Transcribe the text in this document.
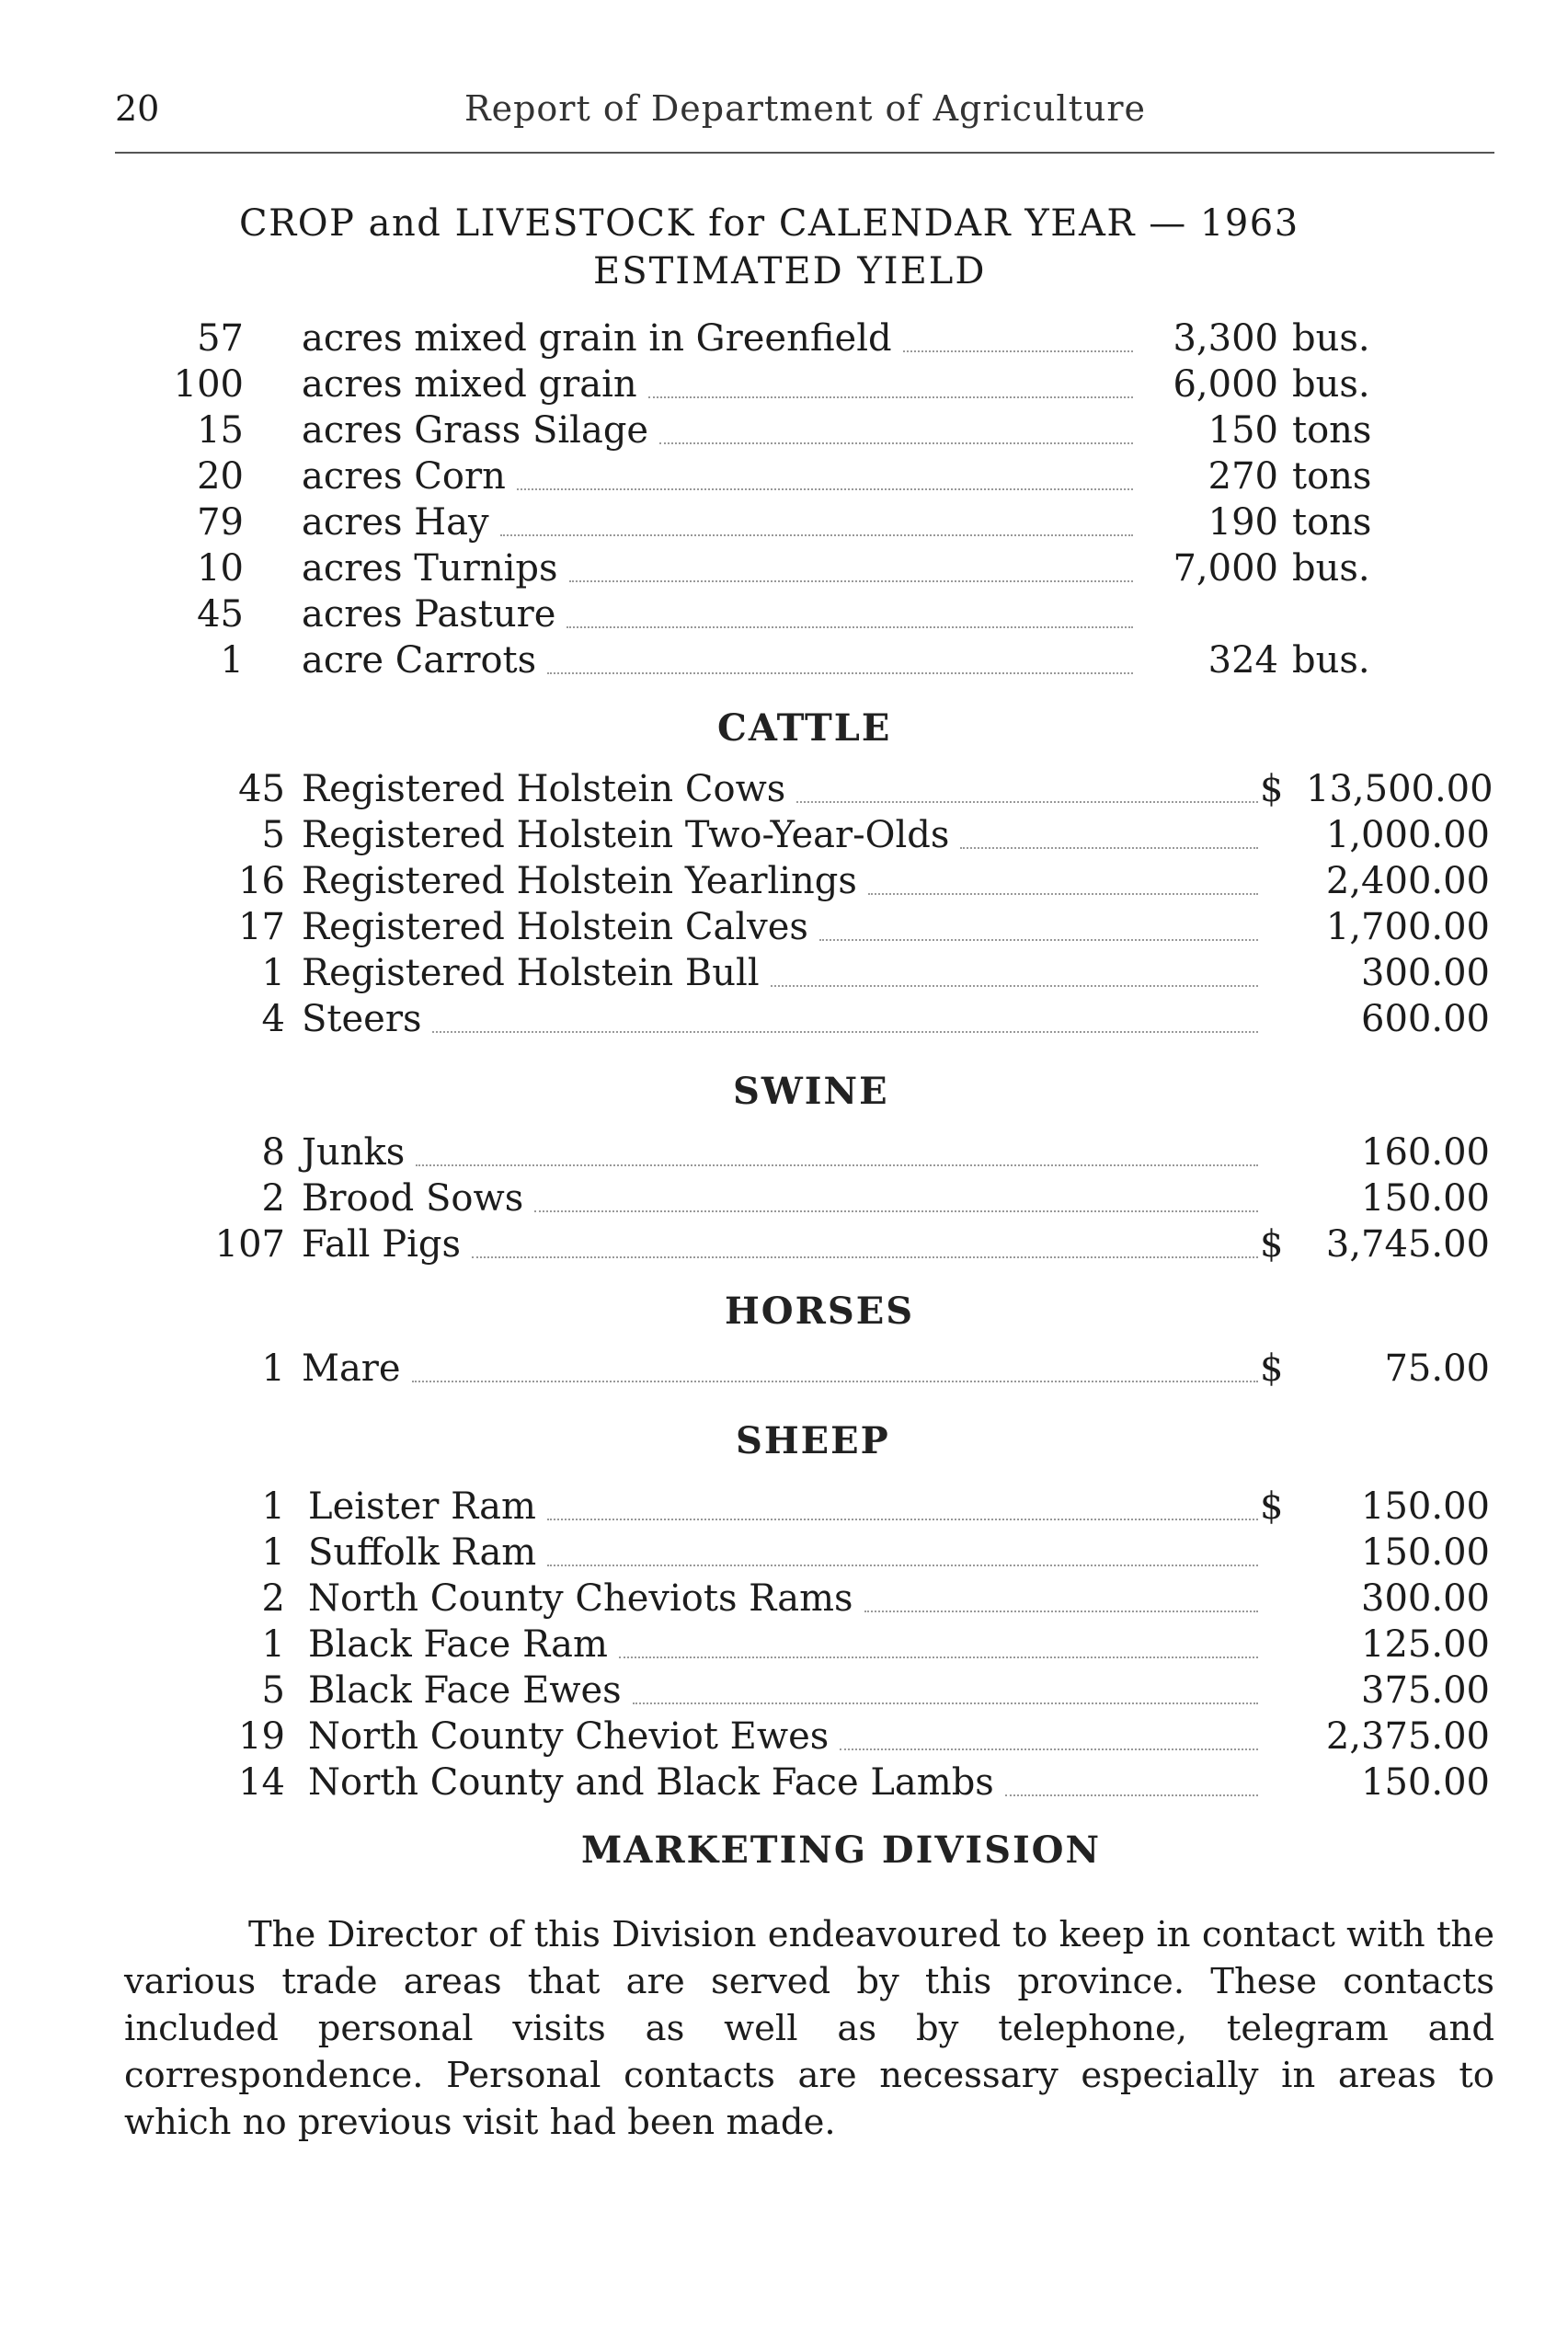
20	Report of Department of Agriculture
CROP and LIVESTOCK for CALENDAR YEAR — 1963
ESTIMATED YIELD
57 acres mixed grain in Greenfield	3,300 bus.
100 acres mixed grain	6,000 bus.
15 acres Grass Silage	150 tons
20 acres Corn	270 tons
79 acres Hay	190 tons
10 acres Turnips	7,000 bus.
45 acres Pasture
1 acre Carrots	324 bus.
CATTLE
45 Registered Holstein Cows	$ 13,500.00
5 Registered Holstein Two-Year-Olds	1,000.00
16 Registered Holstein Yearlings	2,400.00
17 Registered Holstein Calves	1,700.00
1 Registered Holstein Bull	300.00
4 Steers	600.00
SWINE
8 Junks	160.00
2 Brood Sows	150.00
107 Fall Pigs	$	3,745.00
HORSES
1 Mare	$	75.00
SHEEP
1 Leister Ram	$	150.00
1 Suffolk Ram	150.00
2 North County Cheviots Rams	300.00
1 Black Face Ram	125.00
5 Black Face Ewes	375.00
19 North County Cheviot Ewes	2,375.00
14 North County and Black Face Lambs	150.00
MARKETING DIVISION
The Director of this Division endeavoured to keep in contact with the various trade areas that are served by this province. These contacts included personal visits as well as by telephone, telegram and correspondence. Personal contacts are necessary especially in areas to which no previous visit had been made.
